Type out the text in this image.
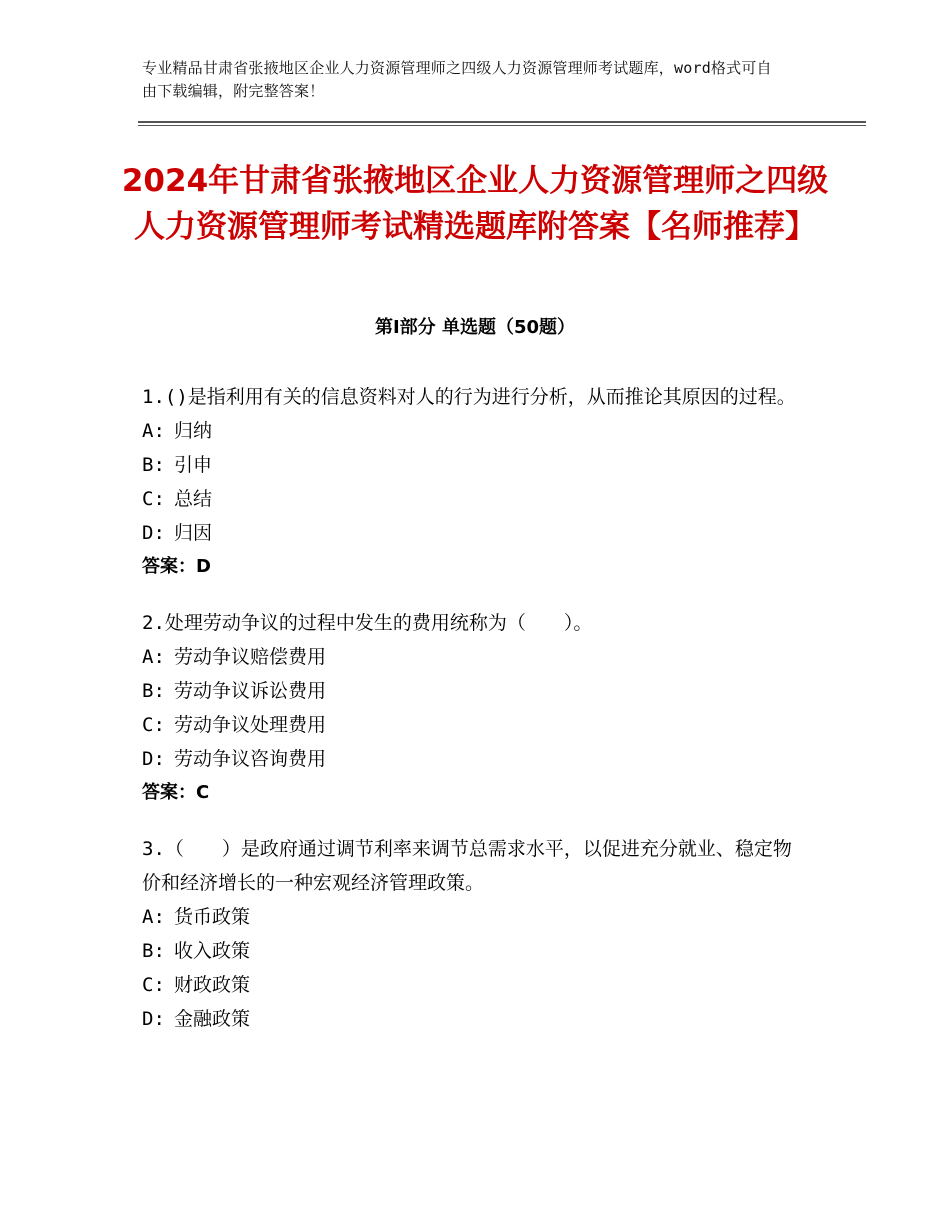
专业精品甘肃省张掖地区企业人力资源管理师之四级人力资源管理师考试题库，word格式可自由下载编辑，附完整答案！
2024年甘肃省张掖地区企业人力资源管理师之四级人力资源管理师考试精选题库附答案【名师推荐】
第Ⅰ部分 单选题（50题）
1.()是指利用有关的信息资料对人的行为进行分析，从而推论其原因的过程。
A: 归纳
B: 引申
C: 总结
D: 归因
答案：D
2.处理劳动争议的过程中发生的费用统称为（　　）。
A: 劳动争议赔偿费用
B: 劳动争议诉讼费用
C: 劳动争议处理费用
D: 劳动争议咨询费用
答案：C
3.（　　）是政府通过调节利率来调节总需求水平，以促进充分就业、稳定物价和经济增长的一种宏观经济管理政策。
A: 货币政策
B: 收入政策
C: 财政政策
D: 金融政策
